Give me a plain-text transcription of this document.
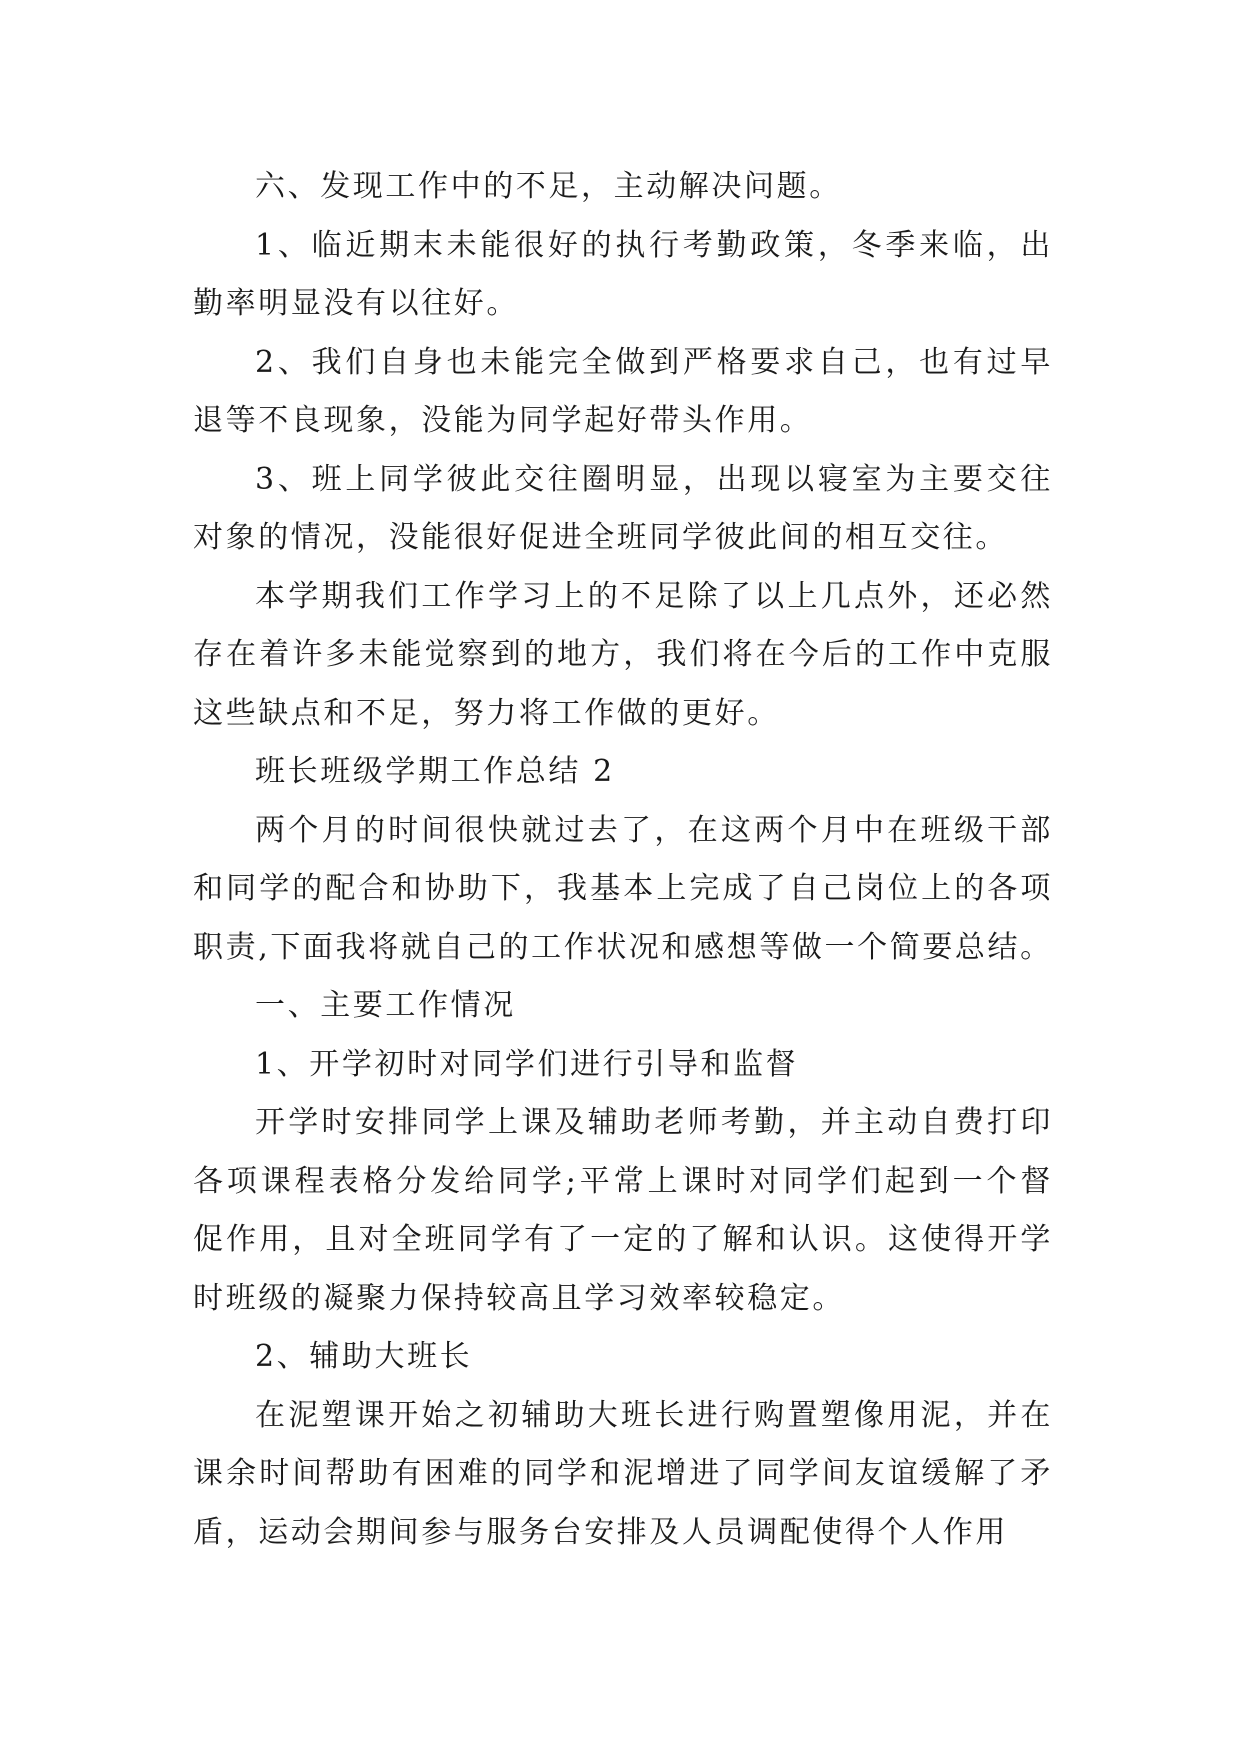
六、发现工作中的不足，主动解决问题。

1、临近期末未能很好的执行考勤政策，冬季来临，出勤率明显没有以往好。

2、我们自身也未能完全做到严格要求自己，也有过早退等不良现象，没能为同学起好带头作用。

3、班上同学彼此交往圈明显，出现以寝室为主要交往对象的情况，没能很好促进全班同学彼此间的相互交往。

本学期我们工作学习上的不足除了以上几点外，还必然存在着许多未能觉察到的地方，我们将在今后的工作中克服这些缺点和不足，努力将工作做的更好。

班长班级学期工作总结 2

两个月的时间很快就过去了，在这两个月中在班级干部和同学的配合和协助下，我基本上完成了自己岗位上的各项职责,下面我将就自己的工作状况和感想等做一个简要总结。

一、主要工作情况

1、开学初时对同学们进行引导和监督

开学时安排同学上课及辅助老师考勤，并主动自费打印各项课程表格分发给同学;平常上课时对同学们起到一个督促作用，且对全班同学有了一定的了解和认识。这使得开学时班级的凝聚力保持较高且学习效率较稳定。

2、辅助大班长

在泥塑课开始之初辅助大班长进行购置塑像用泥，并在课余时间帮助有困难的同学和泥增进了同学间友谊缓解了矛盾，运动会期间参与服务台安排及人员调配使得个人作用
